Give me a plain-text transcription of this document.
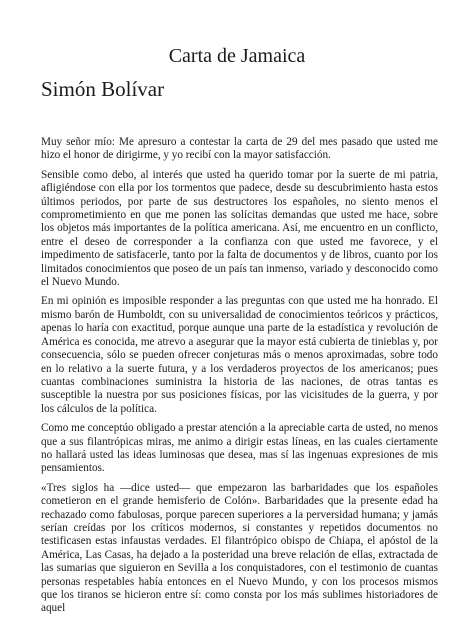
Carta de Jamaica
Simón Bolívar

Muy señor mío: Me apresuro a contestar la carta de 29 del mes pasado que usted me hizo el honor de dirigirme, y yo recibí con la mayor satisfacción.

Sensible como debo, al interés que usted ha querido tomar por la suerte de mi patria, afligiéndose con ella por los tormentos que padece, desde su descubrimiento hasta estos últimos periodos, por parte de sus destructores los españoles, no siento menos el comprometimiento en que me ponen las solícitas demandas que usted me hace, sobre los objetos más importantes de la política americana. Así, me encuentro en un conflicto, entre el deseo de corresponder a la confianza con que usted me favorece, y el impedimento de satisfacerle, tanto por la falta de documentos y de libros, cuanto por los limitados conocimientos que poseo de un país tan inmenso, variado y desconocido como el Nuevo Mundo.

En mi opinión es imposible responder a las preguntas con que usted me ha honrado. El mismo barón de Humboldt, con su universalidad de conocimientos teóricos y prácticos, apenas lo haría con exactitud, porque aunque una parte de la estadística y revolución de América es conocida, me atrevo a asegurar que la mayor está cubierta de tinieblas y, por consecuencia, sólo se pueden ofrecer conjeturas más o menos aproximadas, sobre todo en lo relativo a la suerte futura, y a los verdaderos proyectos de los americanos; pues cuantas combinaciones suministra la historia de las naciones, de otras tantas es susceptible la nuestra por sus posiciones físicas, por las vicisitudes de la guerra, y por los cálculos de la política.

Como me conceptúo obligado a prestar atención a la apreciable carta de usted, no menos que a sus filantrópicas miras, me animo a dirigir estas líneas, en las cuales ciertamente no hallará usted las ideas luminosas que desea, mas sí las ingenuas expresiones de mis pensamientos.

«Tres siglos ha —dice usted— que empezaron las barbaridades que los españoles cometieron en el grande hemisferio de Colón». Barbaridades que la presente edad ha rechazado como fabulosas, porque parecen superiores a la perversidad humana; y jamás serían creídas por los críticos modernos, si constantes y repetidos documentos no testificasen estas infaustas verdades. El filantrópico obispo de Chiapa, el apóstol de la América, Las Casas, ha dejado a la posteridad una breve relación de ellas, extractada de las sumarias que siguieron en Sevilla a los conquistadores, con el testimonio de cuantas personas respetables había entonces en el Nuevo Mundo, y con los procesos mismos que los tiranos se hicieron entre sí: como consta por los más sublimes historiadores de aquel
